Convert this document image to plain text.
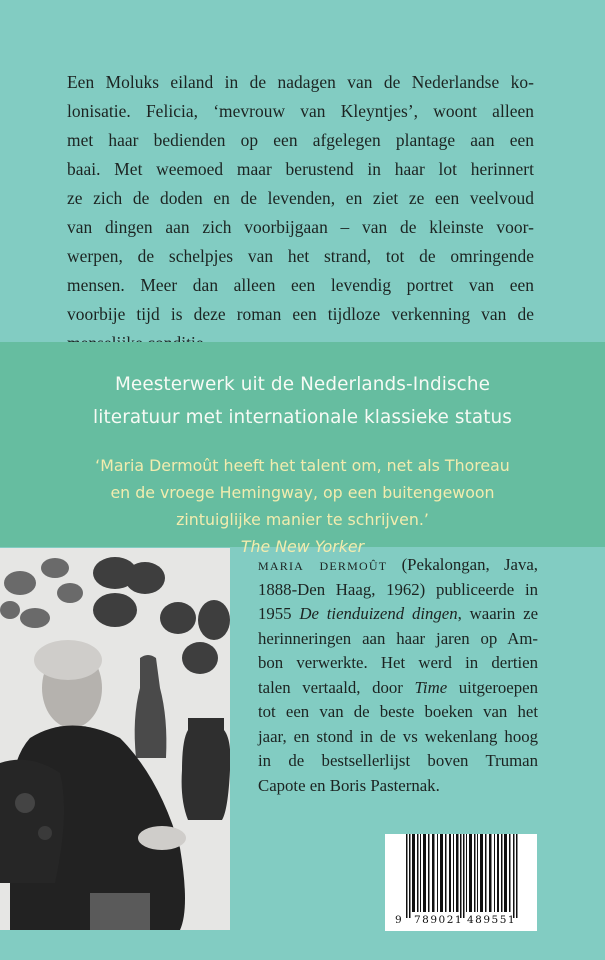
Een Moluks eiland in de nadagen van de Nederlandse ko-
lonisatie. Felicia, ‘mevrouw van Kleyntjes’, woont alleen
met haar bedienden op een afgelegen plantage aan een
baai. Met weemoed maar berustend in haar lot herinnert
ze zich de doden en de levenden, en ziet ze een veelvoud
van dingen aan zich voorbijgaan – van de kleinste voor-
werpen, de schelpjes van het strand, tot de omringende
mensen. Meer dan alleen een levendig portret van een
voorbije tijd is deze roman een tijdloze verkenning van de
Meesterwerk uit de Nederlands-Indische
literatuur met internationale klassieke status
‘Maria Dermoût heeft het talent om, net als Thoreau
en de vroege Hemingway, op een buitengewoon
zintuiglijke manier te schrijven.’
The New Yorker
maria dermoût (Pekalongan, Java,
1888-Den Haag, 1962) publiceerde in
1955 De tienduizend dingen, waarin ze
herinneringen aan haar jaren op Am-
bon verwerkte. Het werd in dertien
talen vertaald, door Time uitgeroepen
tot een van de beste boeken van het
jaar, en stond in de vs wekenlang hoog
in de bestsellerlijst boven Truman
Capote en Boris Pasternak.
9 789021 489551
